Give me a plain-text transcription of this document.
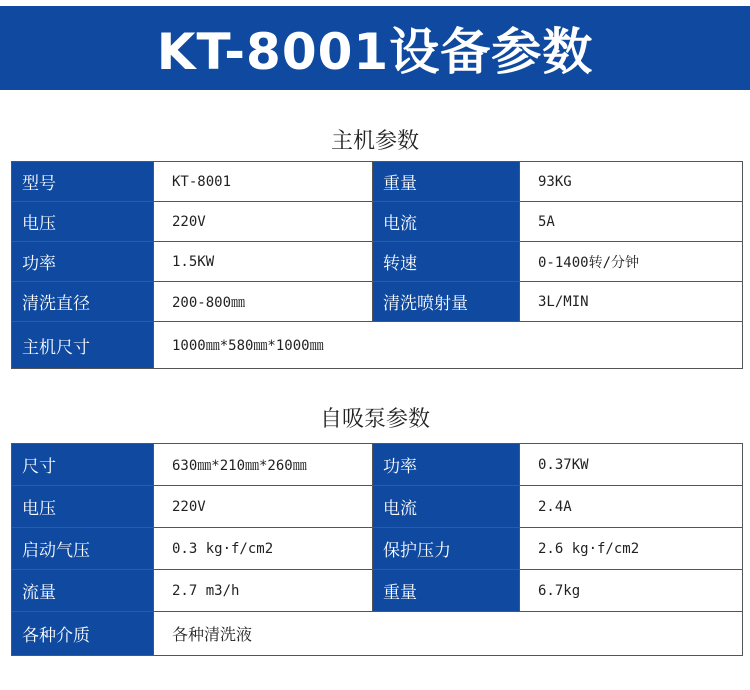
KT-8001设备参数
主机参数
型号	KT-8001	重量	93KG
电压	220V	电流	5A
功率	1.5KW	转速	0-1400转/分钟
清洗直径	200-800㎜	清洗喷射量	3L/MIN
主机尺寸	1000㎜*580㎜*1000㎜		
自吸泵参数
尺寸	630㎜*210㎜*260㎜	功率	0.37KW
电压	220V	电流	2.4A
启动气压	0.3 kg·f/cm2	保护压力	2.6 kg·f/cm2
流量	2.7 m3/h	重量	6.7kg
各种介质	各种清洗液		
